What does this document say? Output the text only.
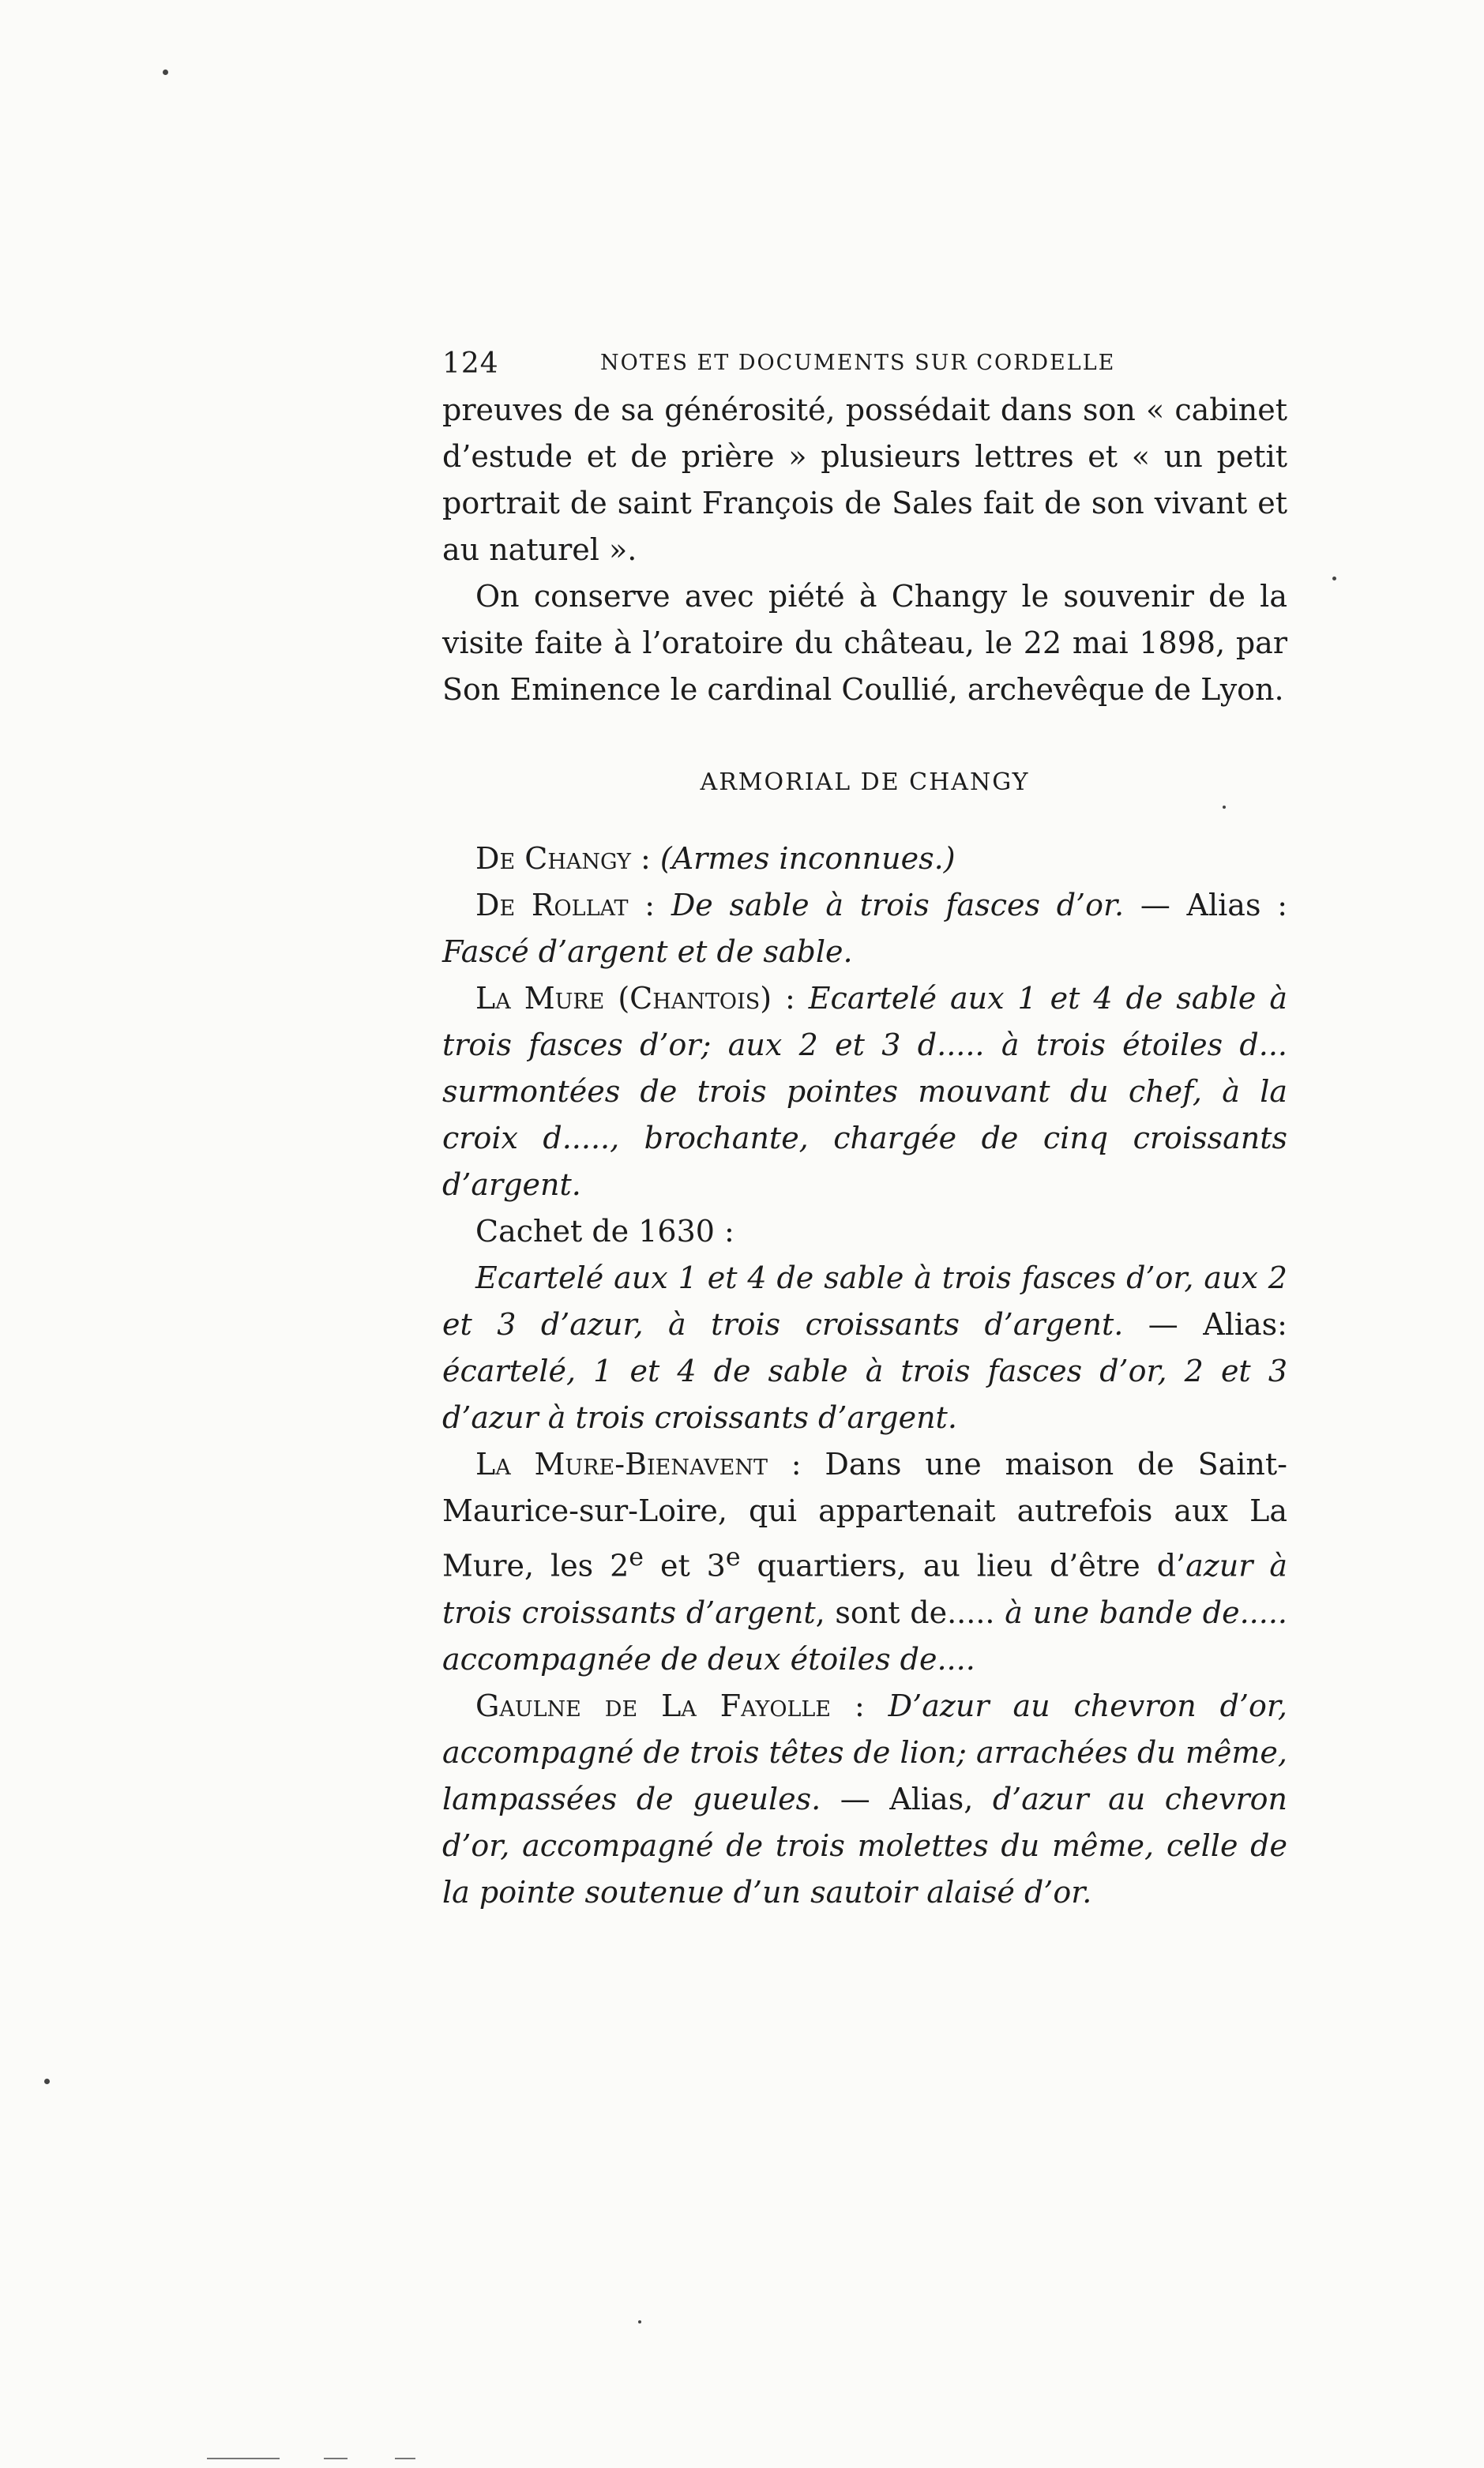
124	NOTES ET DOCUMENTS SUR CORDELLE

preuves de sa générosité, possédait dans son « cabinet d’estude et de prière » plusieurs lettres et « un petit portrait de saint François de Sales fait de son vivant et au naturel ».

On conserve avec piété à Changy le souvenir de la visite faite à l’oratoire du château, le 22 mai 1898, par Son Eminence le cardinal Coullié, archevêque de Lyon.

ARMORIAL DE CHANGY

De Changy : (Armes inconnues.)

De Rollat : De sable à trois fasces d’or. — Alias : Fascé d’argent et de sable.

La Mure (Chantois) : Ecartelé aux 1 et 4 de sable à trois fasces d’or; aux 2 et 3 d..... à trois étoiles d... surmontées de trois pointes mouvant du chef, à la croix d....., brochante, chargée de cinq croissants d’argent.

Cachet de 1630 :

Ecartelé aux 1 et 4 de sable à trois fasces d’or, aux 2 et 3 d’azur, à trois croissants d’argent. — Alias: écartelé, 1 et 4 de sable à trois fasces d’or, 2 et 3 d’azur à trois croissants d’argent.

La Mure-Bienavent : Dans une maison de Saint-Maurice-sur-Loire, qui appartenait autrefois aux La Mure, les 2e et 3e quartiers, au lieu d’être d’azur à trois croissants d’argent, sont de..... à une bande de..... accompagnée de deux étoiles de....

Gaulne de La Fayolle : D’azur au chevron d’or, accompagné de trois têtes de lion; arrachées du même, lampassées de gueules. — Alias, d’azur au chevron d’or, accompagné de trois molettes du même, celle de la pointe soutenue d’un sautoir alaisé d’or.
